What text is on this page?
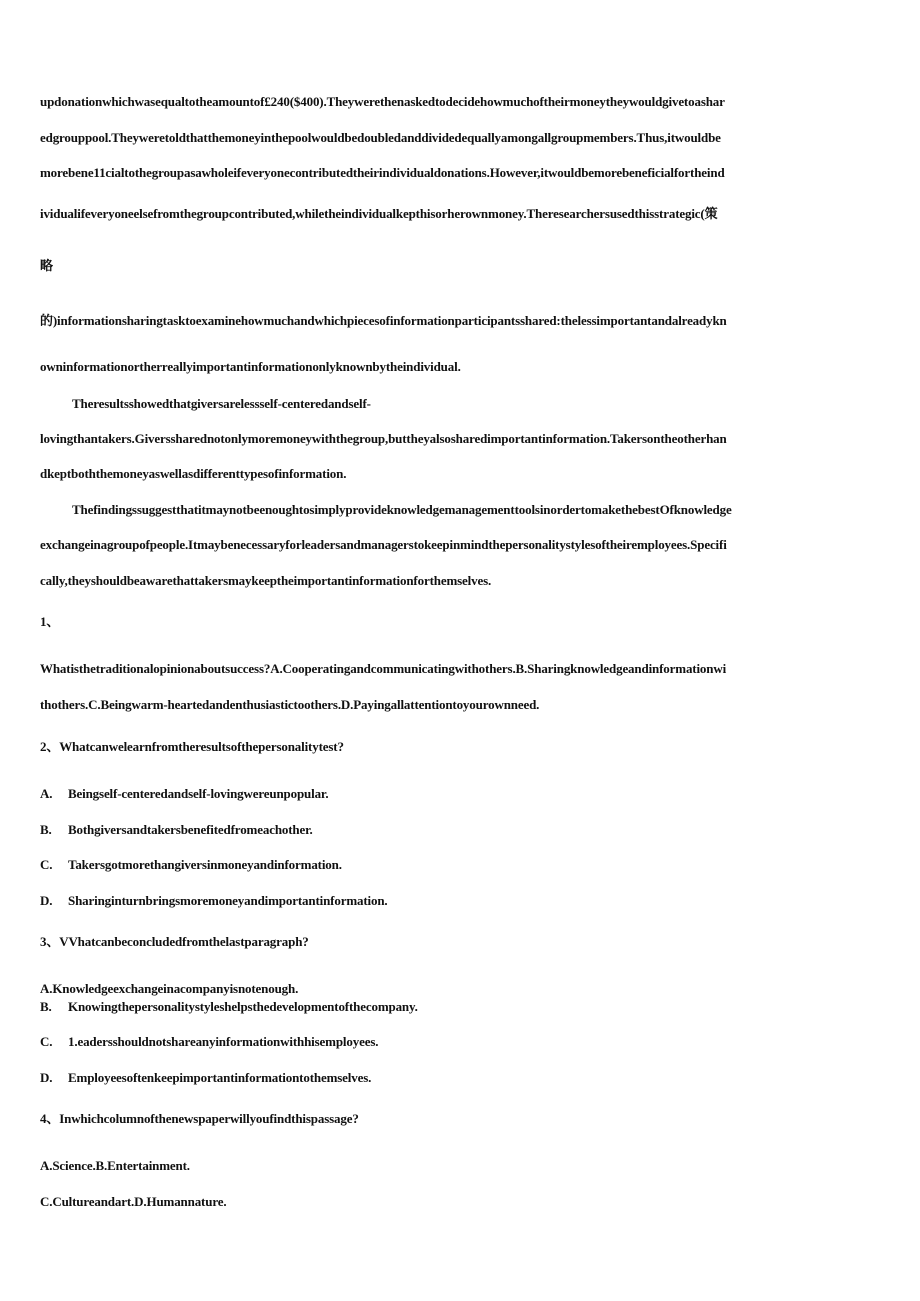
updonationwhichwasequaltotheamountof£240($400).Theywerethenaskedtodecidehowmuchoftheirmoneytheywouldgivetoashar
edgrouppool.Theyweretoldthatthemoneyinthepoolwouldbedoubledanddividedequallyamongallgroupmembers.Thus,itwouldbe
morebene11cialtothegroupasawholeifeveryonecontributedtheirindividualdonations.However,itwouldbemorebeneficialfortheind
ividualifeveryoneelsefromthegroupcontributed,whiletheindividualkepthisorherownmoney.Theresearchersusedthisstrategic(策
略
的)informationsharingtasktoexaminehowmuchandwhichpiecesofinformationparticipantsshared:thelessimportantandalreadykn
owninformationortherreallyimportantinformationonlyknownbytheindividual.
Theresultsshowedthatgiversarelessself-centeredandself-
lovingthantakers.Giverssharednotonlymoremoneywiththegroup,buttheyalsosharedimportantinformation.Takersontheotherhan
dkeptboththemoneyaswellasdifferenttypesofinformation.
ThefindingssuggestthatitmaynotbeenoughtosimplyprovideknowledgemanagementtoolsinordertomakethebestOfknowledge
exchangeinagroupofpeople.Itmaybenecessaryforleadersandmanagerstokeepinmindthepersonalitystylesoftheiremployees.Specifi
cally,theyshouldbeawarethattakersmaykeeptheimportantinformationforthemselves.
1、
Whatisthetraditionalopinionaboutsuccess?A.Cooperatingandcommunicatingwithothers.B.Sharingknowledgeandinformationwi
thothers.C.Beingwarm-heartedandenthusiastictoothers.D.Payingallattentiontoyourownneed.
2、Whatcanwelearnfromtheresultsofthepersonalitytest?
A. Beingself-centeredandself-lovingwereunpopular.
B. Bothgiversandtakersbenefitedfromeachother.
C. Takersgotmorethangiversinmoneyandinformation.
D. Sharinginturnbringsmoremoneyandimportantinformation.
3、VVhatcanbeconcludedfromthelastparagraph?
A.Knowledgeexchangeinacompanyisnotenough.
B. Knowingthepersonalitystyleshelpsthedevelopmentofthecompany.
C. 1.eadersshouldnotshareanyinformationwithhisemployees.
D. Employeesoftenkeepimportantinformationtothemselves.
4、Inwhichcolumnofthenewspaperwillyoufindthispassage?
A.Science.B.Entertainment.
C.Cultureandart.D.Humannature.
